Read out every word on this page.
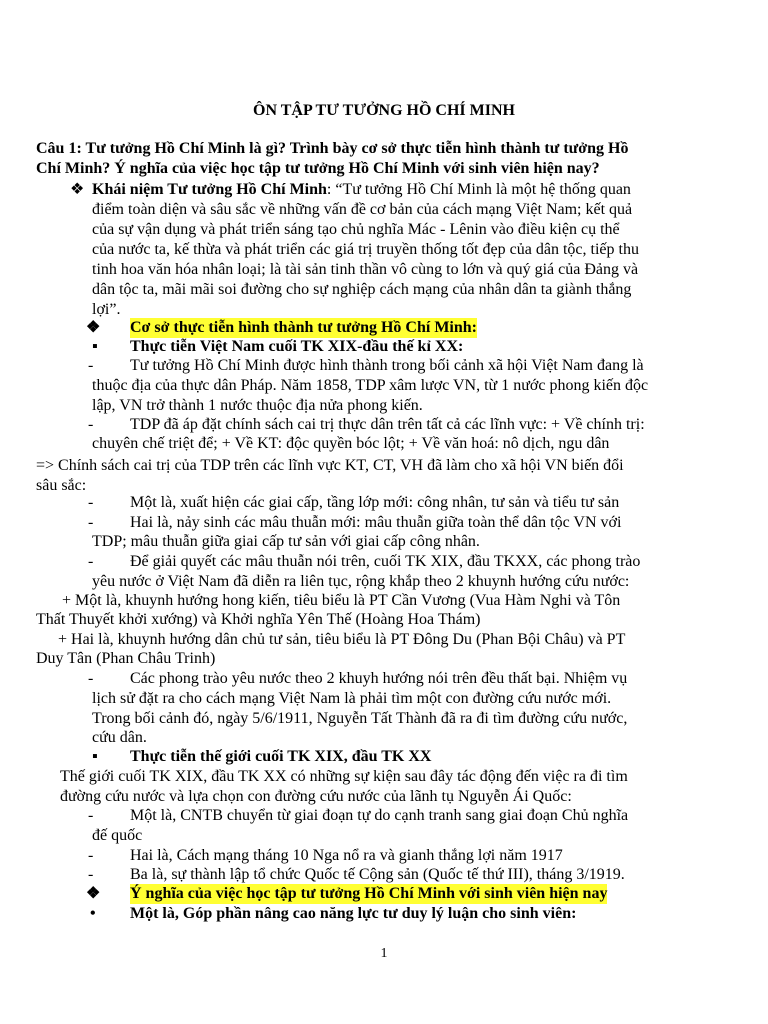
ÔN TẬP TƯ TƯỞNG HỒ CHÍ MINH
Câu 1: Tư tưởng Hồ Chí Minh là gì? Trình bày cơ sở thực tiễn hình thành tư tưởng Hồ
Chí Minh? Ý nghĩa của việc học tập tư tưởng Hồ Chí Minh với sinh viên hiện nay?
❖ Khái niệm Tư tưởng Hồ Chí Minh: “Tư tưởng Hồ Chí Minh là một hệ thống quan
điểm toàn diện và sâu sắc về những vấn đề cơ bản của cách mạng Việt Nam; kết quả
của sự vận dụng và phát triển sáng tạo chủ nghĩa Mác - Lênin vào điều kiện cụ thể
của nước ta, kế thừa và phát triển các giá trị truyền thống tốt đẹp của dân tộc, tiếp thu
tinh hoa văn hóa nhân loại; là tài sản tinh thần vô cùng to lớn và quý giá của Đảng và
dân tộc ta, mãi mãi soi đường cho sự nghiệp cách mạng của nhân dân ta giành thắng
lợi”.
❖ Cơ sở thực tiễn hình thành tư tưởng Hồ Chí Minh:
▪ Thực tiễn Việt Nam cuối TK XIX-đầu thế kỉ XX:
- Tư tưởng Hồ Chí Minh được hình thành trong bối cảnh xã hội Việt Nam đang là
thuộc địa của thực dân Pháp. Năm 1858, TDP xâm lược VN, từ 1 nước phong kiến độc
lập, VN trở thành 1 nước thuộc địa nửa phong kiến.
- TDP đã áp đặt chính sách cai trị thực dân trên tất cả các lĩnh vực: + Về chính trị:
chuyên chế triệt để; + Về KT: độc quyền bóc lột; + Về văn hoá: nô dịch, ngu dân
=> Chính sách cai trị của TDP trên các lĩnh vực KT, CT, VH đã làm cho xã hội VN biến đổi
sâu sắc:
- Một là, xuất hiện các giai cấp, tầng lớp mới: công nhân, tư sản và tiểu tư sản
- Hai là, nảy sinh các mâu thuẫn mới: mâu thuẫn giữa toàn thể dân tộc VN với
TDP; mâu thuẫn giữa giai cấp tư sản với giai cấp công nhân.
- Để giải quyết các mâu thuẫn nói trên, cuối TK XIX, đầu TKXX, các phong trào
yêu nước ở Việt Nam đã diễn ra liên tục, rộng khắp theo 2 khuynh hướng cứu nước:
+ Một là, khuynh hướng hong kiến, tiêu biểu là PT Cần Vương (Vua Hàm Nghi và Tôn
Thất Thuyết khởi xướng) và Khởi nghĩa Yên Thế (Hoàng Hoa Thám)
+ Hai là, khuynh hướng dân chủ tư sản, tiêu biểu là PT Đông Du (Phan Bội Châu) và PT
Duy Tân (Phan Châu Trinh)
- Các phong trào yêu nước theo 2 khuyh hướng nói trên đều thất bại. Nhiệm vụ
lịch sử đặt ra cho cách mạng Việt Nam là phải tìm một con đường cứu nước mới.
Trong bối cảnh đó, ngày 5/6/1911, Nguyễn Tất Thành đã ra đi tìm đường cứu nước,
cứu dân.
▪ Thực tiễn thế giới cuối TK XIX, đầu TK XX
Thế giới cuối TK XIX, đầu TK XX có những sự kiện sau đây tác động đến việc ra đi tìm
đường cứu nước và lựa chọn con đường cứu nước của lãnh tụ Nguyễn Ái Quốc:
- Một là, CNTB chuyển từ giai đoạn tự do cạnh tranh sang giai đoạn Chủ nghĩa
đế quốc
- Hai là, Cách mạng tháng 10 Nga nổ ra và gianh thắng lợi năm 1917
- Ba là, sự thành lập tổ chức Quốc tế Cộng sản (Quốc tế thứ III), tháng 3/1919.
❖ Ý nghĩa của việc học tập tư tưởng Hồ Chí Minh với sinh viên hiện nay
• Một là, Góp phần nâng cao năng lực tư duy lý luận cho sinh viên:
1
